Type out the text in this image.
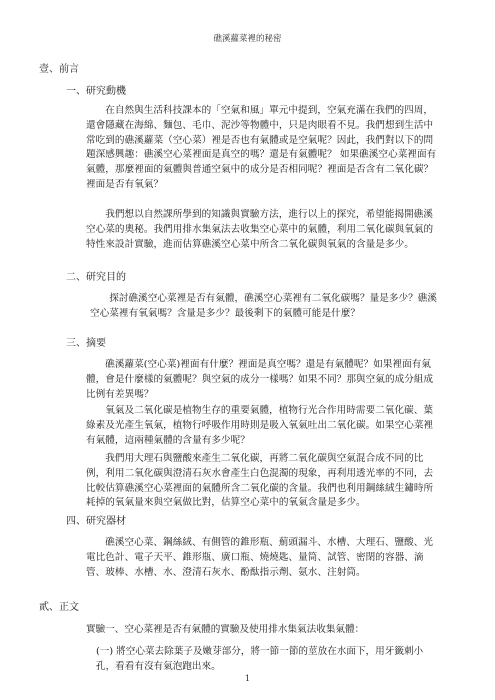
礁溪蘿菜裡的秘密
壹、前言
一、研究動機

在自然與生活科技課本的「空氣和風」單元中提到，空氣充滿在我們的四周，還會隱藏在海綿、麵包、毛巾、泥沙等物體中，只是肉眼看不見。我們想到生活中常吃到的礁溪蘿菜（空心菜）裡是否也有氣體或是空氣呢？因此，我們對以下的問題深感興趣：礁溪空心菜裡面是真空的嗎？還是有氣體呢？ 如果礁溪空心菜裡面有氣體，那麼裡面的氣體與普通空氣中的成分是否相同呢？裡面是否含有二氧化碳？裡面是否有氧氣？

我們想以自然課所學到的知識與實驗方法，進行以上的探究，希望能揭開礁溪空心菜的奧秘。我們用排水集氣法去收集空心菜中的氣體，利用二氧化碳與氧氣的特性來設計實驗，進而估算礁溪空心菜中所含二氧化碳與氧氣的含量是多少。

二、研究目的

探討礁溪空心菜裡是否有氣體，礁溪空心菜裡有二氧化碳嗎？量是多少？礁溪空心菜裡有氧氣嗎？含量是多少？最後剩下的氣體可能是什麼？

三、摘要

礁溪蘿菜(空心菜)裡面有什麼？裡面是真空嗎？還是有氣體呢？如果裡面有氣體，會是什麼樣的氣體呢？與空氣的成分一樣嗎？如果不同？那與空氣的成分組成比例有差異嗎？

氧氣及二氧化碳是植物生存的重要氣體，植物行光合作用時需要二氧化碳、葉綠素及光產生氧氣，植物行呼吸作用時則是吸入氧氣吐出二氧化碳。如果空心菜裡有氣體，這兩種氣體的含量有多少呢？

我們用大理石與鹽酸來產生二氧化碳，再將二氧化碳與空氣混合成不同的比例，利用二氧化碳與澄清石灰水會產生白色混濁的現象，再利用透光率的不同，去比較估算礁溪空心菜裡面的氣體所含二氧化碳的含量。我們也利用鋼絲絨生鏽時所耗掉的氧氣量來與空氣做比對，估算空心菜中的氧氣含量是多少。

四、研究器材

礁溪空心菜、鋼絲絨、有側管的錐形瓶、薊頭漏斗、水槽、大理石、鹽酸、光電比色計、電子天平、錐形瓶、廣口瓶、燒燒匙、量筒、試管、密閉的容器、滴管、玻棒、水槽、水、澄清石灰水、酚酞指示劑、氨水、注射筒。

貳、正文

實驗一、空心菜裡是否有氣體的實驗及使用排水集氣法收集氣體：

(一) 將空心菜去除葉子及嫩芽部分，將一節一節的莖放在水面下，用牙籤刺小孔，看看有沒有氣泡跑出來。

1
